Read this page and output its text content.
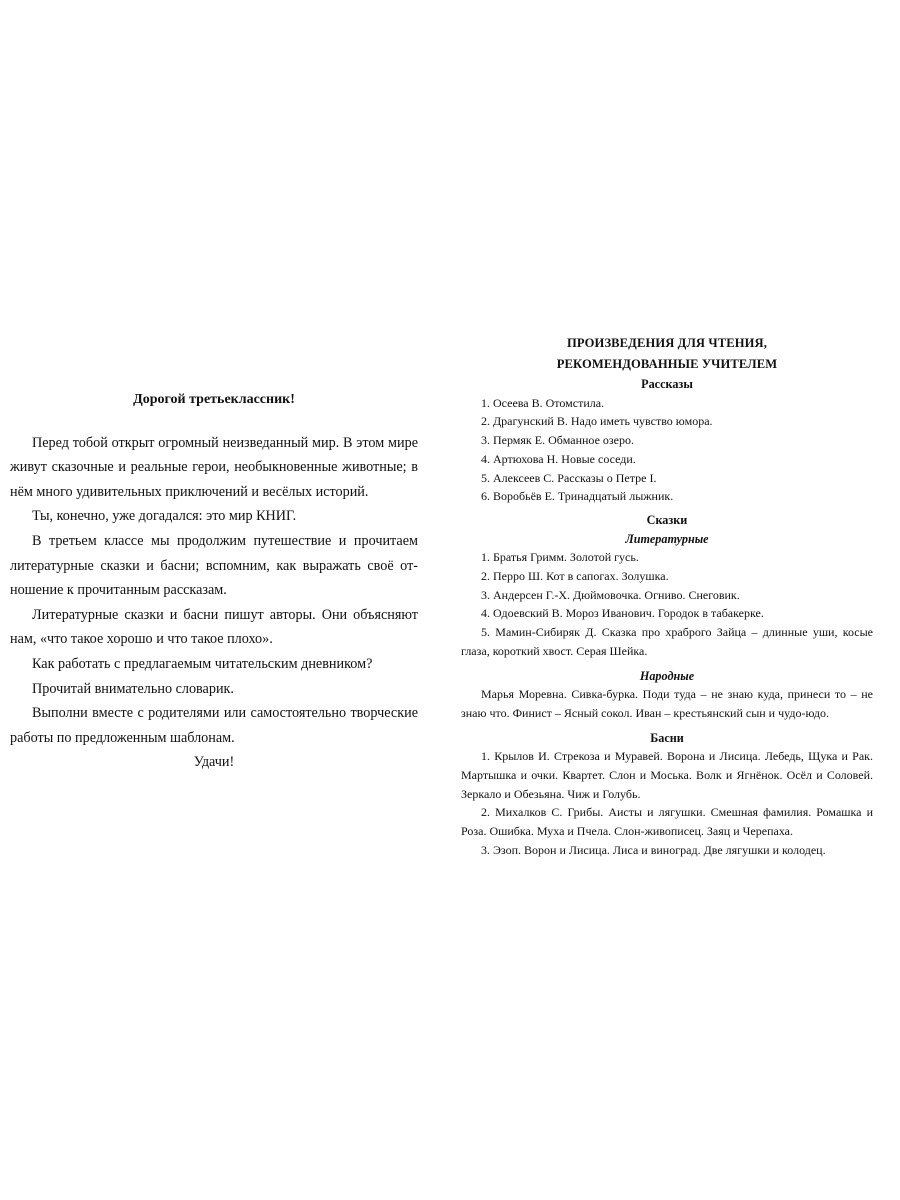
Дорогой третьеклассник!

Перед тобой открыт огромный неизведанный мир. В этом мире живут сказочные и реальные герои, необыкновенные животные; в нём много удивительных приключений и весёлых историй.

Ты, конечно, уже догадался: это мир КНИГ.

В третьем классе мы продолжим путешествие и прочитаем литературные сказки и басни; вспомним, как выражать своё отношение к прочитанным рассказам.

Литературные сказки и басни пишут авторы. Они объясняют нам, «что такое хорошо и что такое плохо».

Как работать с предлагаемым читательским дневником?

Прочитай внимательно словарик.

Выполни вместе с родителями или самостоятельно творческие работы по предложенным шаблонам.

Удачи!

ПРОИЗВЕДЕНИЯ ДЛЯ ЧТЕНИЯ,
РЕКОМЕНДОВАННЫЕ УЧИТЕЛЕМ
Рассказы
1. Осеева В. Отомстила.
2. Драгунский В. Надо иметь чувство юмора.
3. Пермяк Е. Обманное озеро.
4. Артюхова Н. Новые соседи.
5. Алексеев С. Рассказы о Петре I.
6. Воробьёв Е. Тринадцатый лыжник.
Сказки
Литературные
1. Братья Гримм. Золотой гусь.
2. Перро Ш. Кот в сапогах. Золушка.
3. Андерсен Г.-Х. Дюймовочка. Огниво. Снеговик.
4. Одоевский В. Мороз Иванович. Городок в табакерке.
5. Мамин-Сибиряк Д. Сказка про храброго Зайца – длинные уши, косые глаза, короткий хвост. Серая Шейка.
Народные
Марья Моревна. Сивка-бурка. Поди туда – не знаю куда, принеси то – не знаю что. Финист – Ясный сокол. Иван – крестьянский сын и чудо-юдо.
Басни
1. Крылов И. Стрекоза и Муравей. Ворона и Лисица. Лебедь, Щука и Рак. Мартышка и очки. Квартет. Слон и Моська. Волк и Ягнёнок. Осёл и Соловей. Зеркало и Обезьяна. Чиж и Голубь.
2. Михалков С. Грибы. Аисты и лягушки. Смешная фамилия. Ромашка и Роза. Ошибка. Муха и Пчела. Слон-живописец. Заяц и Черепаха.
3. Эзоп. Ворон и Лисица. Лиса и виноград. Две лягушки и колодец.
